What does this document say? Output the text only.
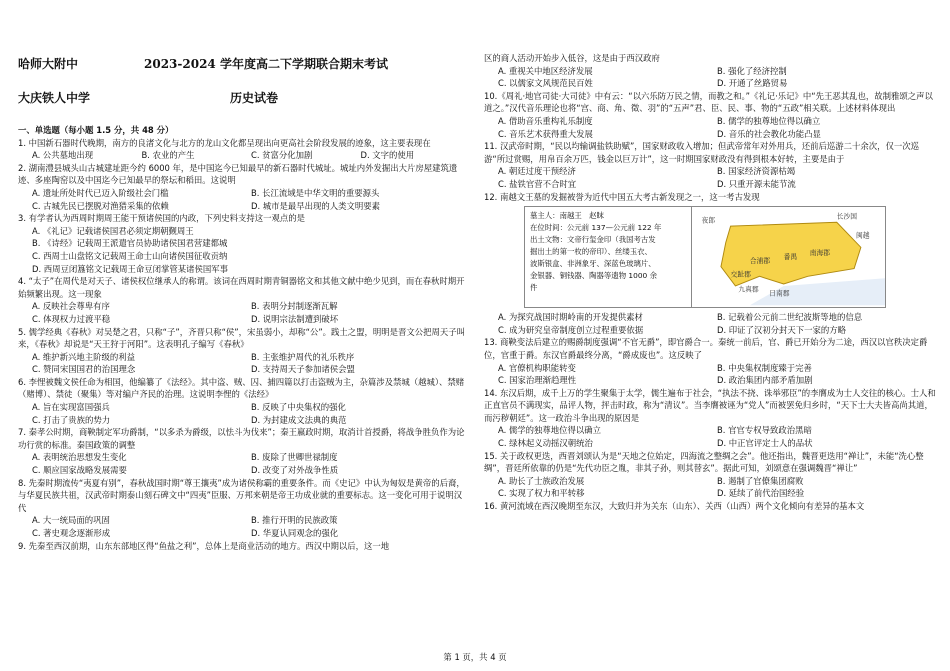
哈师大附中	2023-2024 学年度高二下学期联合期末考试
大庆铁人中学	历史试卷
一、单选题（每小题 1.5 分，共 48 分）

1. 中国新石器时代晚期，南方的良渚文化与北方的龙山文化都呈现出向更高社会阶段发展的迹象，这主要表现在

A. 公共墓地出现	B. 农业的产生	C. 贫富分化加剧	D. 文字的使用

2. 湖南澧县城头山古城建址距今约 6000 年，是中国迄今已知最早的新石器时代城址。城址内外发掘出大片房屋建筑遗迹、多座陶窑以及中国迄今已知最早的祭坛和稻田。这说明

A. 遗址所处时代已迈入阶级社会门槛	B. 长江流域是中华文明的重要源头
C. 古城先民已摆脱对渔猎采集的依赖	D. 城市是最早出现的人类文明要素

3. 有学者认为西周时期周王能干预诸侯国的内政，下列史料支持这一观点的是

A. 《礼记》记载诸侯国君必须定期朝觐周王
B. 《诗经》记载周王派遣官员协助诸侯国君营建都城
C. 西周士山盘铭文记载周王命士山向诸侯国征收贡纳
D. 西周豆闭簋铭文记载周王命豆闭掌管某诸侯国军事

4. “太子”在周代是对天子、诸侯权位继承人的称谓。该词在西周时期青铜器铭文和其他文献中绝少见到，而在春秋时期开始频繁出现。这一现象

A. 反映社会尊卑有序	B. 表明分封制逐渐瓦解
C. 体现权力过渡平稳	D. 说明宗法制遭到破坏

5. 儒学经典《春秋》对吴楚之君，只称“子”，齐晋只称“侯”，宋虽弱小，却称“公”。践土之盟，明明是晋文公把周天子叫来，《春秋》却说是“天王狩于河阳”。这表明孔子编写《春秋》

A. 维护新兴地主阶级的利益	B. 主张维护周代的礼乐秩序
C. 赞同宋国国君的治国理念	D. 支持周天子参加诸侯会盟

6. 李悝被魏文侯任命为相国，他编纂了《法经》。其中盗、贼、囚、捕四篇以打击盗贼为主，杂篇涉及禁城（越城）、禁赌（赌博）、禁徒（聚集）等对编户齐民的治理。这说明李悝的《法经》

A. 旨在实现富国强兵	B. 反映了中央集权的强化
C. 打击了贵族的势力	D. 为封建成文法典的典范

7. 秦孝公时期，商鞅制定军功爵制，“以多杀为爵级，以怯斗为伐来”；秦王嬴政时期，取消计首授爵，将战争胜负作为论功行赏的标准。秦国政策的调整

A. 表明统治思想发生变化	B. 废除了世卿世禄制度
C. 顺应国家战略发展需要	D. 改变了对外战争性质

8. 先秦时期流传“夷夏有别”，春秋战国时期“尊王攘夷”成为诸侯称霸的重要条件。而《史记》中认为匈奴是黄帝的后裔，与华夏民族共祖，汉武帝时期泰山刻石碑文中“四夷”臣服、万邦来朝是帝王功成业就的重要标志。这一变化可用于说明汉代

A. 大一统局面的巩固	B. 推行开明的民族政策
C. 著史观念逐渐形成	D. 华夏认同观念的强化

9. 先秦至西汉前期，山东东部地区得“鱼盐之利”，总体上是商业活动的地方。西汉中期以后，这一地

区的商人活动开始步入低谷，这是由于西汉政府

A. 重视关中地区经济发展	B. 强化了经济控制
C. 以儒家文风规范民百姓	D. 开通了丝路贸易

10.《周礼·地官司徒·大司徒》中有云：“以六乐防万民之情，而教之和。”《礼记·乐记》中“先王恶其乱也，故制雅颂之声以道之。”汉代音乐理论也将“宫、商、角、徵、羽”的“五声”君、臣、民、事、物的“五政”相关联。上述材料体现出

A. 借助音乐重构礼乐制度	B. 儒学的独尊地位得以确立
C. 音乐艺术获得重大发展	D. 音乐的社会教化功能凸显

11. 汉武帝时期，“民以均输调盐铁助赋”，国家财政收入增加；但武帝常年对外用兵，还前后巡游二十余次，仅一次巡游“所过赏赐，用帛百余万匹，钱金以巨万计”，这一时期国家财政没有得到根本好转，主要是由于

A. 朝廷过度干预经济	B. 国家经济资源枯竭
C. 盐铁官营不合时宜	D. 只重开源未能节流

12. 南越文王墓的发掘被誉为近代中国五大考古新发现之一，这一考古发现

墓主人：南越王　赵眜
在位时间：公元前 137—公元前 122 年
出土文物：文帝行玺金印（我国考古发
掘出土的第一枚的帝印）、丝缕玉衣、
波斯银盒、非洲象牙、深蓝色玻璃片、
金银器、铜钱器、陶器等遗物 1000 余
件
夜郎	长沙国
闽越
南海郡
番禺
合浦郡
交趾郡
九真郡 日南郡
A. 为探究战国时期岭南的开发提供素材	B. 记载着公元前二世纪波斯等地的信息
C. 成为研究皇帝制度创立过程重要依据	D. 印证了汉初分封天下一家的方略

13. 商鞅变法后建立的赐爵制度强调“不官无爵”，即官爵合一。秦统一前后，官、爵已开始分为二途，西汉以官秩决定爵位，官重于爵。东汉官爵最终分离，“爵成废也”。这反映了

A. 官僚机构职能转变	B. 中央集权制度臻于完善
C. 国家治理渐趋理性	D. 政治集团内部矛盾加剧

14. 东汉后期，成千上万的学生聚集于太学，儒生遍布于社会，“执法不挠、诛举邪臣”的李膺成为士人交往的核心。士人和正直官员不满现实，品评人物，抨击时政，称为“清议”。当李膺被诬为“党人”而被罢免归乡时，“天下士大夫皆高尚其道，而污秽朝廷”。这一政治斗争出现的原因是

A. 儒学的独尊地位得以确立	B. 官官专权导致政治黑暗
C. 绿林起义动摇汉朝统治	D. 中正官评定士人的品状

15. 关于政权更迭，西晋刘颂认为是“天地之位始定，四海流之整绸之会”。他还指出，魏晋更迭用“禅让”，未能“洗心整绸”，晋廷所依靠的仍是“先代功臣之胤，非其子孙，则其替玄”。据此可知，刘颂意在强调魏晋“禅让”

A. 助长了士族政治发展	B. 遏制了官僚集团腐败
C. 实现了权力和平转移	D. 延续了前代治国经验

16. 黄河流域在西汉晚期至东汉，大致归并为关东（山东）、关西（山西）两个文化倾向有差异的基本文

第 1 页，共 4 页
